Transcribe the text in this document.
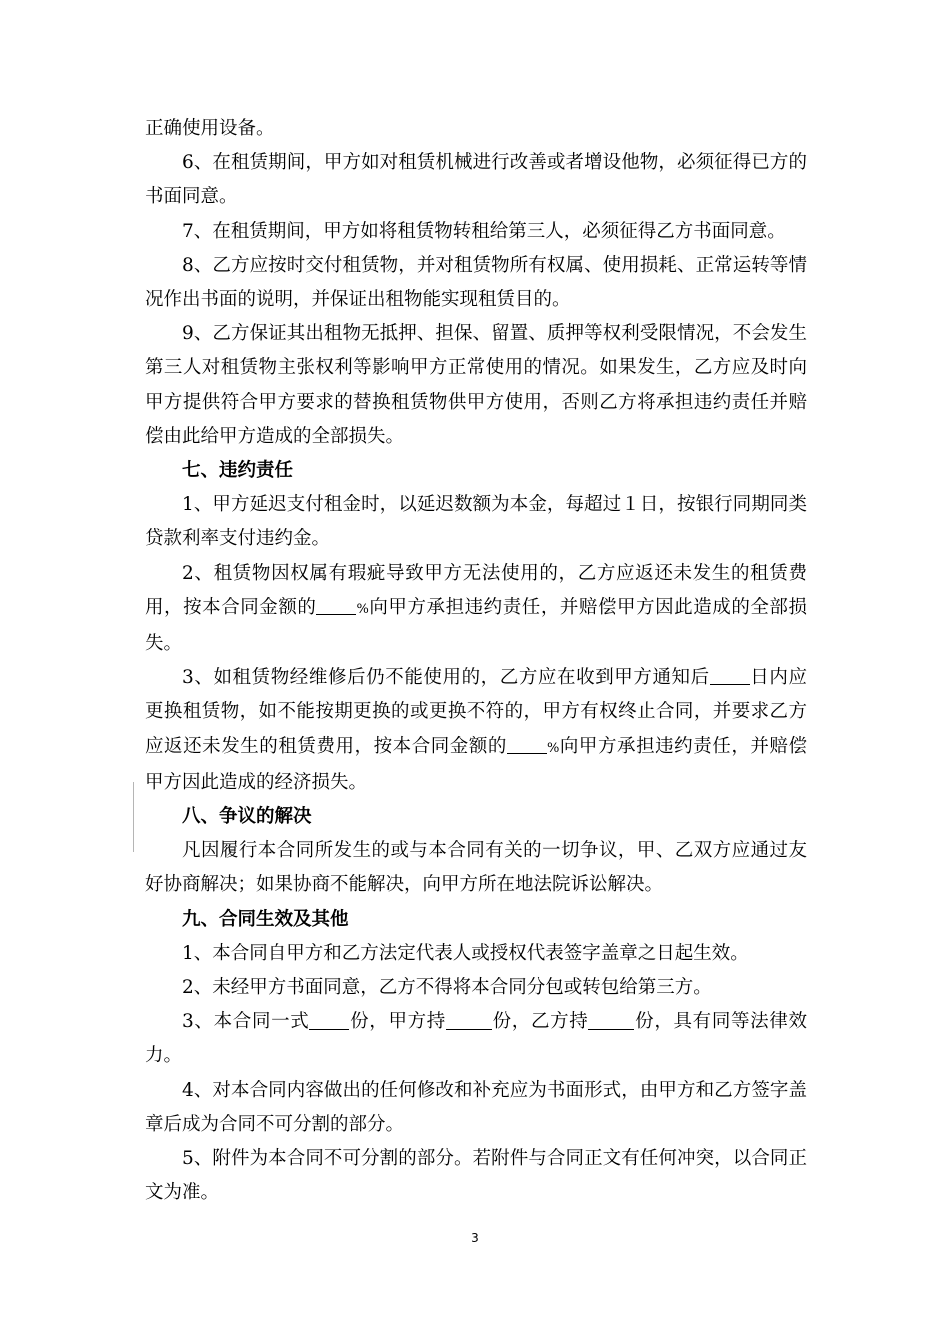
正确使用设备。

6、在租赁期间，甲方如对租赁机械进行改善或者增设他物，必须征得已方的书面同意。

7、在租赁期间，甲方如将租赁物转租给第三人，必须征得乙方书面同意。

8、乙方应按时交付租赁物，并对租赁物所有权属、使用损耗、正常运转等情况作出书面的说明，并保证出租物能实现租赁目的。

9、乙方保证其出租物无抵押、担保、留置、质押等权利受限情况，不会发生第三人对租赁物主张权利等影响甲方正常使用的情况。如果发生，乙方应及时向甲方提供符合甲方要求的替换租赁物供甲方使用，否则乙方将承担违约责任并赔偿由此给甲方造成的全部损失。

七、违约责任

1、甲方延迟支付租金时，以延迟数额为本金，每超过１日，按银行同期同类贷款利率支付违约金。

2、租赁物因权属有瑕疵导致甲方无法使用的，乙方应返还未发生的租赁费用，按本合同金额的	%向甲方承担违约责任，并赔偿甲方因此造成的全部损失。

3、如租赁物经维修后仍不能使用的，乙方应在收到甲方通知后 日内应更换租赁物，如不能按期更换的或更换不符的，甲方有权终止合同，并要求乙方应返还未发生的租赁费用，按本合同金额的	%向甲方承担违约责任，并赔偿甲方因此造成的经济损失。

八、争议的解决

凡因履行本合同所发生的或与本合同有关的一切争议，甲、乙双方应通过友好协商解决；如果协商不能解决，向甲方所在地法院诉讼解决。

九、合同生效及其他

1、本合同自甲方和乙方法定代表人或授权代表签字盖章之日起生效。

2、未经甲方书面同意，乙方不得将本合同分包或转包给第三方。

3、本合同一式 份，甲方持 份，乙方持 份，具有同等法律效力。

4、对本合同内容做出的任何修改和补充应为书面形式，由甲方和乙方签字盖章后成为合同不可分割的部分。

5、附件为本合同不可分割的部分。若附件与合同正文有任何冲突，以合同正文为准。

3
